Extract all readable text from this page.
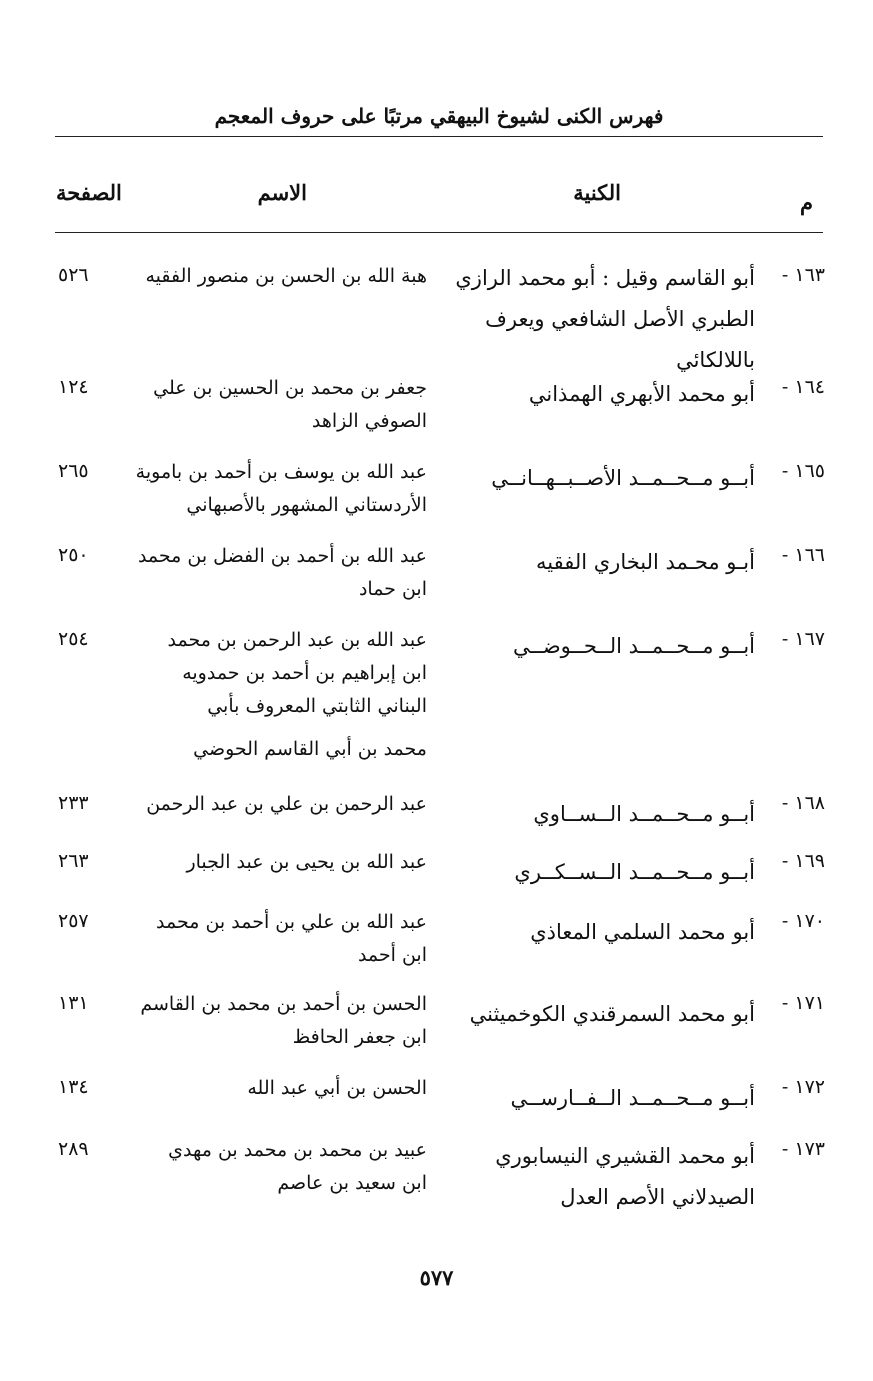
فهرس الكنى لشيوخ البيهقي مرتبًا على حروف المعجم
م
الكنية
الاسم
الصفحة
١٦٣ -
أبو القاسم وقيل : أبو محمد الرازي
الطبري الأصل الشافعي ويعرف
باللالكائي
هبة الله بن الحسن بن منصور الفقيه
٥٢٦
١٦٤ -
أبو محمد الأبهري الهمذاني
جعفر بن محمد بن الحسين بن علي
الصوفي الزاهد
١٢٤
١٦٥ -
أبــو مــحــمــد الأصــبــهــانــي
عبد الله بن يوسف بن أحمد بن باموية
الأردستاني المشهور بالأصبهاني
٢٦٥
١٦٦ -
أبـو محـمد البخاري الفقيه
عبد الله بن أحمد بن الفضل بن محمد
ابن حماد
٢٥٠
١٦٧ -
أبــو مــحــمــد الــحــوضــي
عبد الله بن عبد الرحمن بن محمد
ابن إبراهيم بن أحمد بن حمدويه
البناني الثابتي المعروف بأبي
محمد بن أبي القاسم الحوضي
٢٥٤
١٦٨ -
أبــو مــحــمــد الــســاوي
عبد الرحمن بن علي بن عبد الرحمن
٢٣٣
١٦٩ -
أبــو مــحــمــد الــســكــري
عبد الله بن يحيى بن عبد الجبار
٢٦٣
١٧٠ -
أبو محمد السلمي المعاذي
عبد الله بن علي بن أحمد بن محمد
ابن أحمد
٢٥٧
١٧١ -
أبو محمد السمرقندي الكوخميثني
الحسن بن أحمد بن محمد بن القاسم
ابن جعفر الحافظ
١٣١
١٧٢ -
أبــو مــحــمــد الــفــارســي
الحسن بن أبي عبد الله
١٣٤
١٧٣ -
أبو محمد القشيري النيسابوري
الصيدلاني الأصم العدل
عبيد بن محمد بن محمد بن مهدي
ابن سعيد بن عاصم
٢٨٩
٥٧٧
